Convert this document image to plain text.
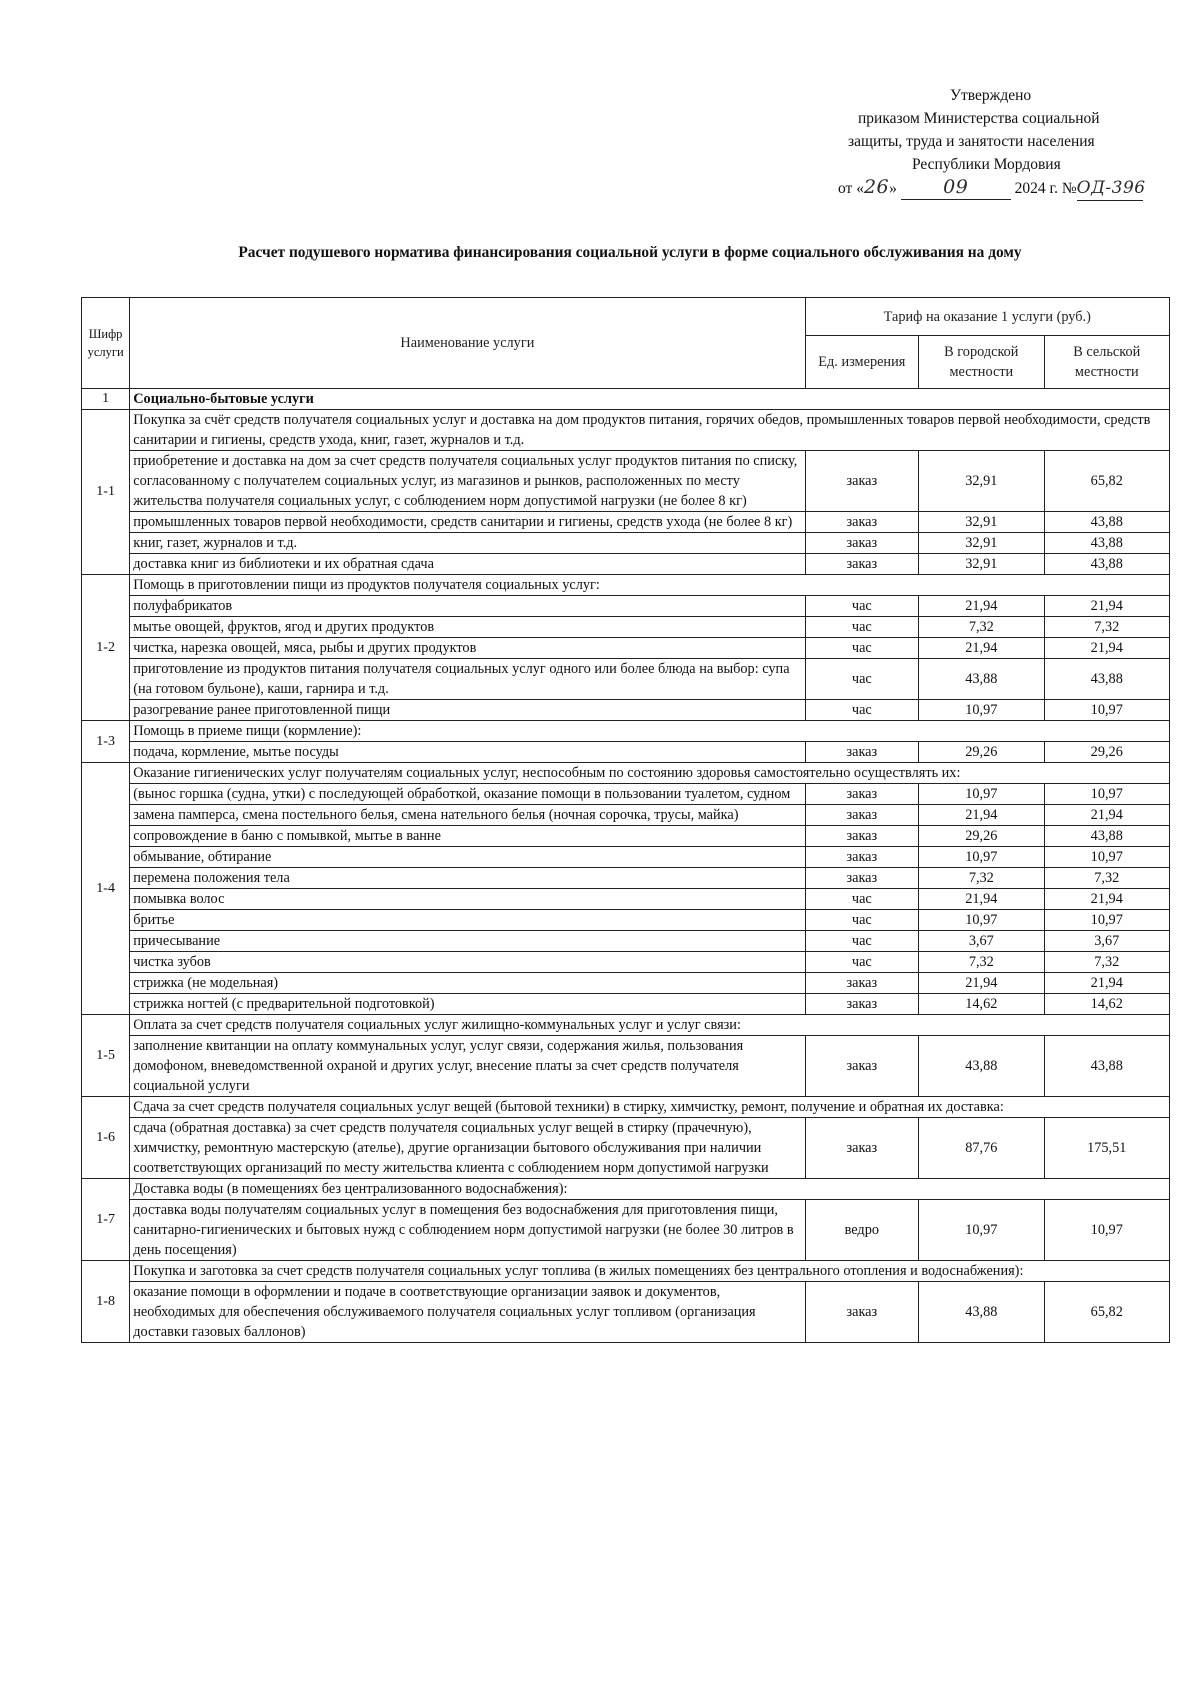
Утверждено
приказом Министерства социальной
защиты, труда и занятости населения
Республики Мордовия
от «26» 09	2024 г. №ОД-396
Расчет подушевого норматива финансирования социальной услуги в форме социального обслуживания на дому
Шифр услуги	Наименование услуги	Тариф на оказание 1 услуги (руб.)		
		Ед. измерения	В городской местности	В сельской местности
1	Социально-бытовые услуги			
1-1	Покупка за счёт средств получателя социальных услуг и доставка на дом продуктов питания, горячих обедов, промышленных товаров первой необходимости, средств санитарии и гигиены, средств ухода, книг, газет, журналов и т.д.			
	приобретение и доставка на дом за счет средств получателя социальных услуг продуктов питания по списку, согласованному с получателем социальных услуг, из магазинов и рынков, расположенных по месту жительства получателя социальных услуг, с соблюдением норм допустимой нагрузки (не более 8 кг)	заказ	32,91	65,82
	промышленных товаров первой необходимости, средств санитарии и гигиены, средств ухода (не более 8 кг)	заказ	32,91	43,88
	книг, газет, журналов и т.д.	заказ	32,91	43,88
	доставка книг из библиотеки и их обратная сдача	заказ	32,91	43,88
1-2	Помощь в приготовлении пищи из продуктов получателя социальных услуг:			
	полуфабрикатов	час	21,94	21,94
	мытье овощей, фруктов, ягод и других продуктов	час	7,32	7,32
	чистка, нарезка овощей, мяса, рыбы и других продуктов	час	21,94	21,94
	приготовление из продуктов питания получателя социальных услуг одного или более блюда на выбор: супа (на готовом бульоне), каши, гарнира и т.д.	час	43,88	43,88
	разогревание ранее приготовленной пищи	час	10,97	10,97
1-3	Помощь в приеме пищи (кормление):			
	подача, кормление, мытье посуды	заказ	29,26	29,26
1-4	Оказание гигиенических услуг получателям социальных услуг, неспособным по состоянию здоровья самостоятельно осуществлять их:			
	(вынос горшка (судна, утки) с последующей обработкой, оказание помощи в пользовании туалетом, судном	заказ	10,97	10,97
	замена памперса, смена постельного белья, смена нательного белья (ночная сорочка, трусы, майка)	заказ	21,94	21,94
	сопровождение в баню с помывкой, мытье в ванне	заказ	29,26	43,88
	обмывание, обтирание	заказ	10,97	10,97
	перемена положения тела	заказ	7,32	7,32
	помывка волос	час	21,94	21,94
	бритье	час	10,97	10,97
	причесывание	час	3,67	3,67
	чистка зубов	час	7,32	7,32
	стрижка (не модельная)	заказ	21,94	21,94
	стрижка ногтей (с предварительной подготовкой)	заказ	14,62	14,62
1-5	Оплата за счет средств получателя социальных услуг жилищно-коммунальных услуг и услуг связи:			
	заполнение квитанции на оплату коммунальных услуг, услуг связи, содержания жилья, пользования домофоном, вневедомственной охраной и других услуг, внесение платы за счет средств получателя социальной услуги	заказ	43,88	43,88
1-6	Сдача за счет средств получателя социальных услуг вещей (бытовой техники) в стирку, химчистку, ремонт, получение и обратная их доставка:			
	сдача (обратная доставка) за счет средств получателя социальных услуг вещей в стирку (прачечную), химчистку, ремонтную мастерскую (ателье), другие организации бытового обслуживания при наличии соответствующих организаций по месту жительства клиента с соблюдением норм допустимой нагрузки	заказ	87,76	175,51
1-7	Доставка воды (в помещениях без централизованного водоснабжения):			
	доставка воды получателям социальных услуг в помещения без водоснабжения для приготовления пищи, санитарно-гигиенических и бытовых нужд с соблюдением норм допустимой нагрузки (не более 30 литров в день посещения)	ведро	10,97	10,97
1-8	Покупка и заготовка за счет средств получателя социальных услуг топлива (в жилых помещениях без центрального отопления и водоснабжения):			
	оказание помощи в оформлении и подаче в соответствующие организации заявок и документов, необходимых для обеспечения обслуживаемого получателя социальных услуг топливом (организация доставки газовых баллонов)	заказ	43,88	65,82
